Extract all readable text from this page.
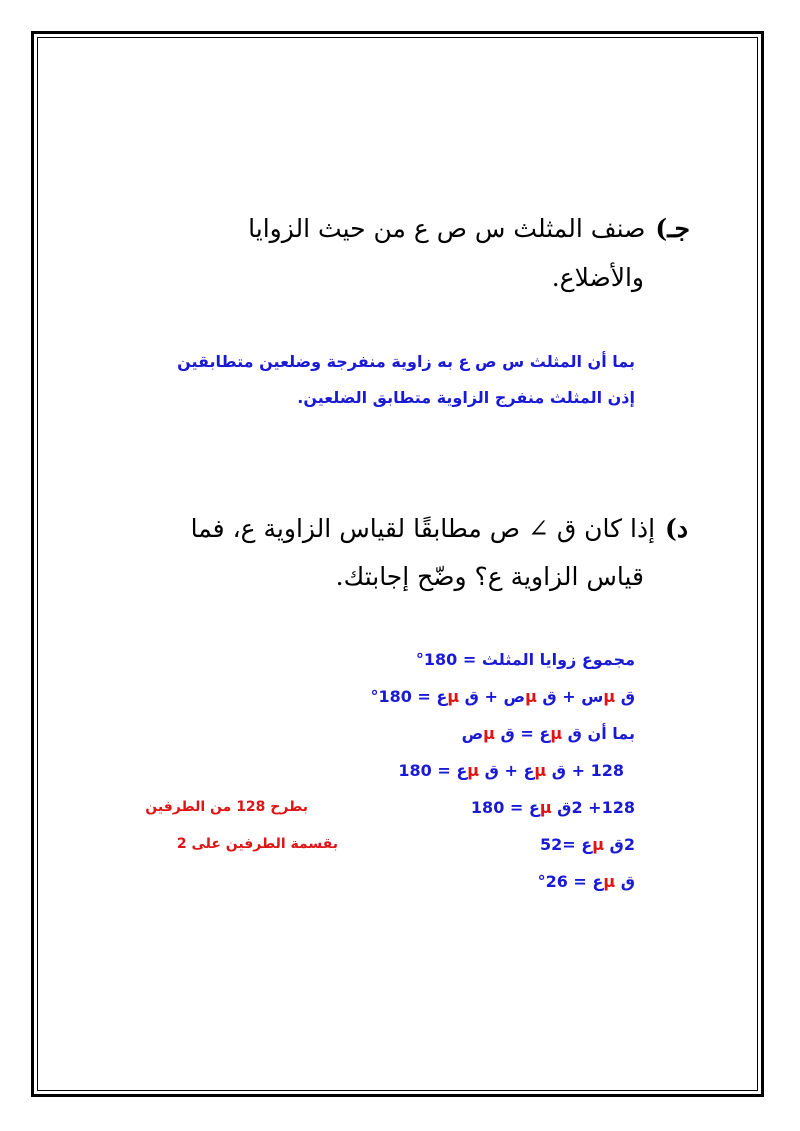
جـ)صنف المثلث س ص ع من حيث الزوايا
والأضلاع.
بما أن المثلث س ص ع به زاوية منفرجة وضلعين متطابقين
إذن المثلث منفرج الزاوية متطابق الضلعين.
د)إذا كان ق ∠ ص مطابقًا لقياس الزاوية ع، فما
قياس الزاوية ع؟ وضّح إجابتك.
مجموع زوايا المثلث = 180°
ق µس + ق µص + ق µع = 180°
بما أن ق µع = ق µص
128 + ق µع + ق µع = 180
128+ 2ق µع = 180
بطرح 128 من الطرفين
2ق µع =52
بقسمة الطرفين على 2
ق µع = 26°
